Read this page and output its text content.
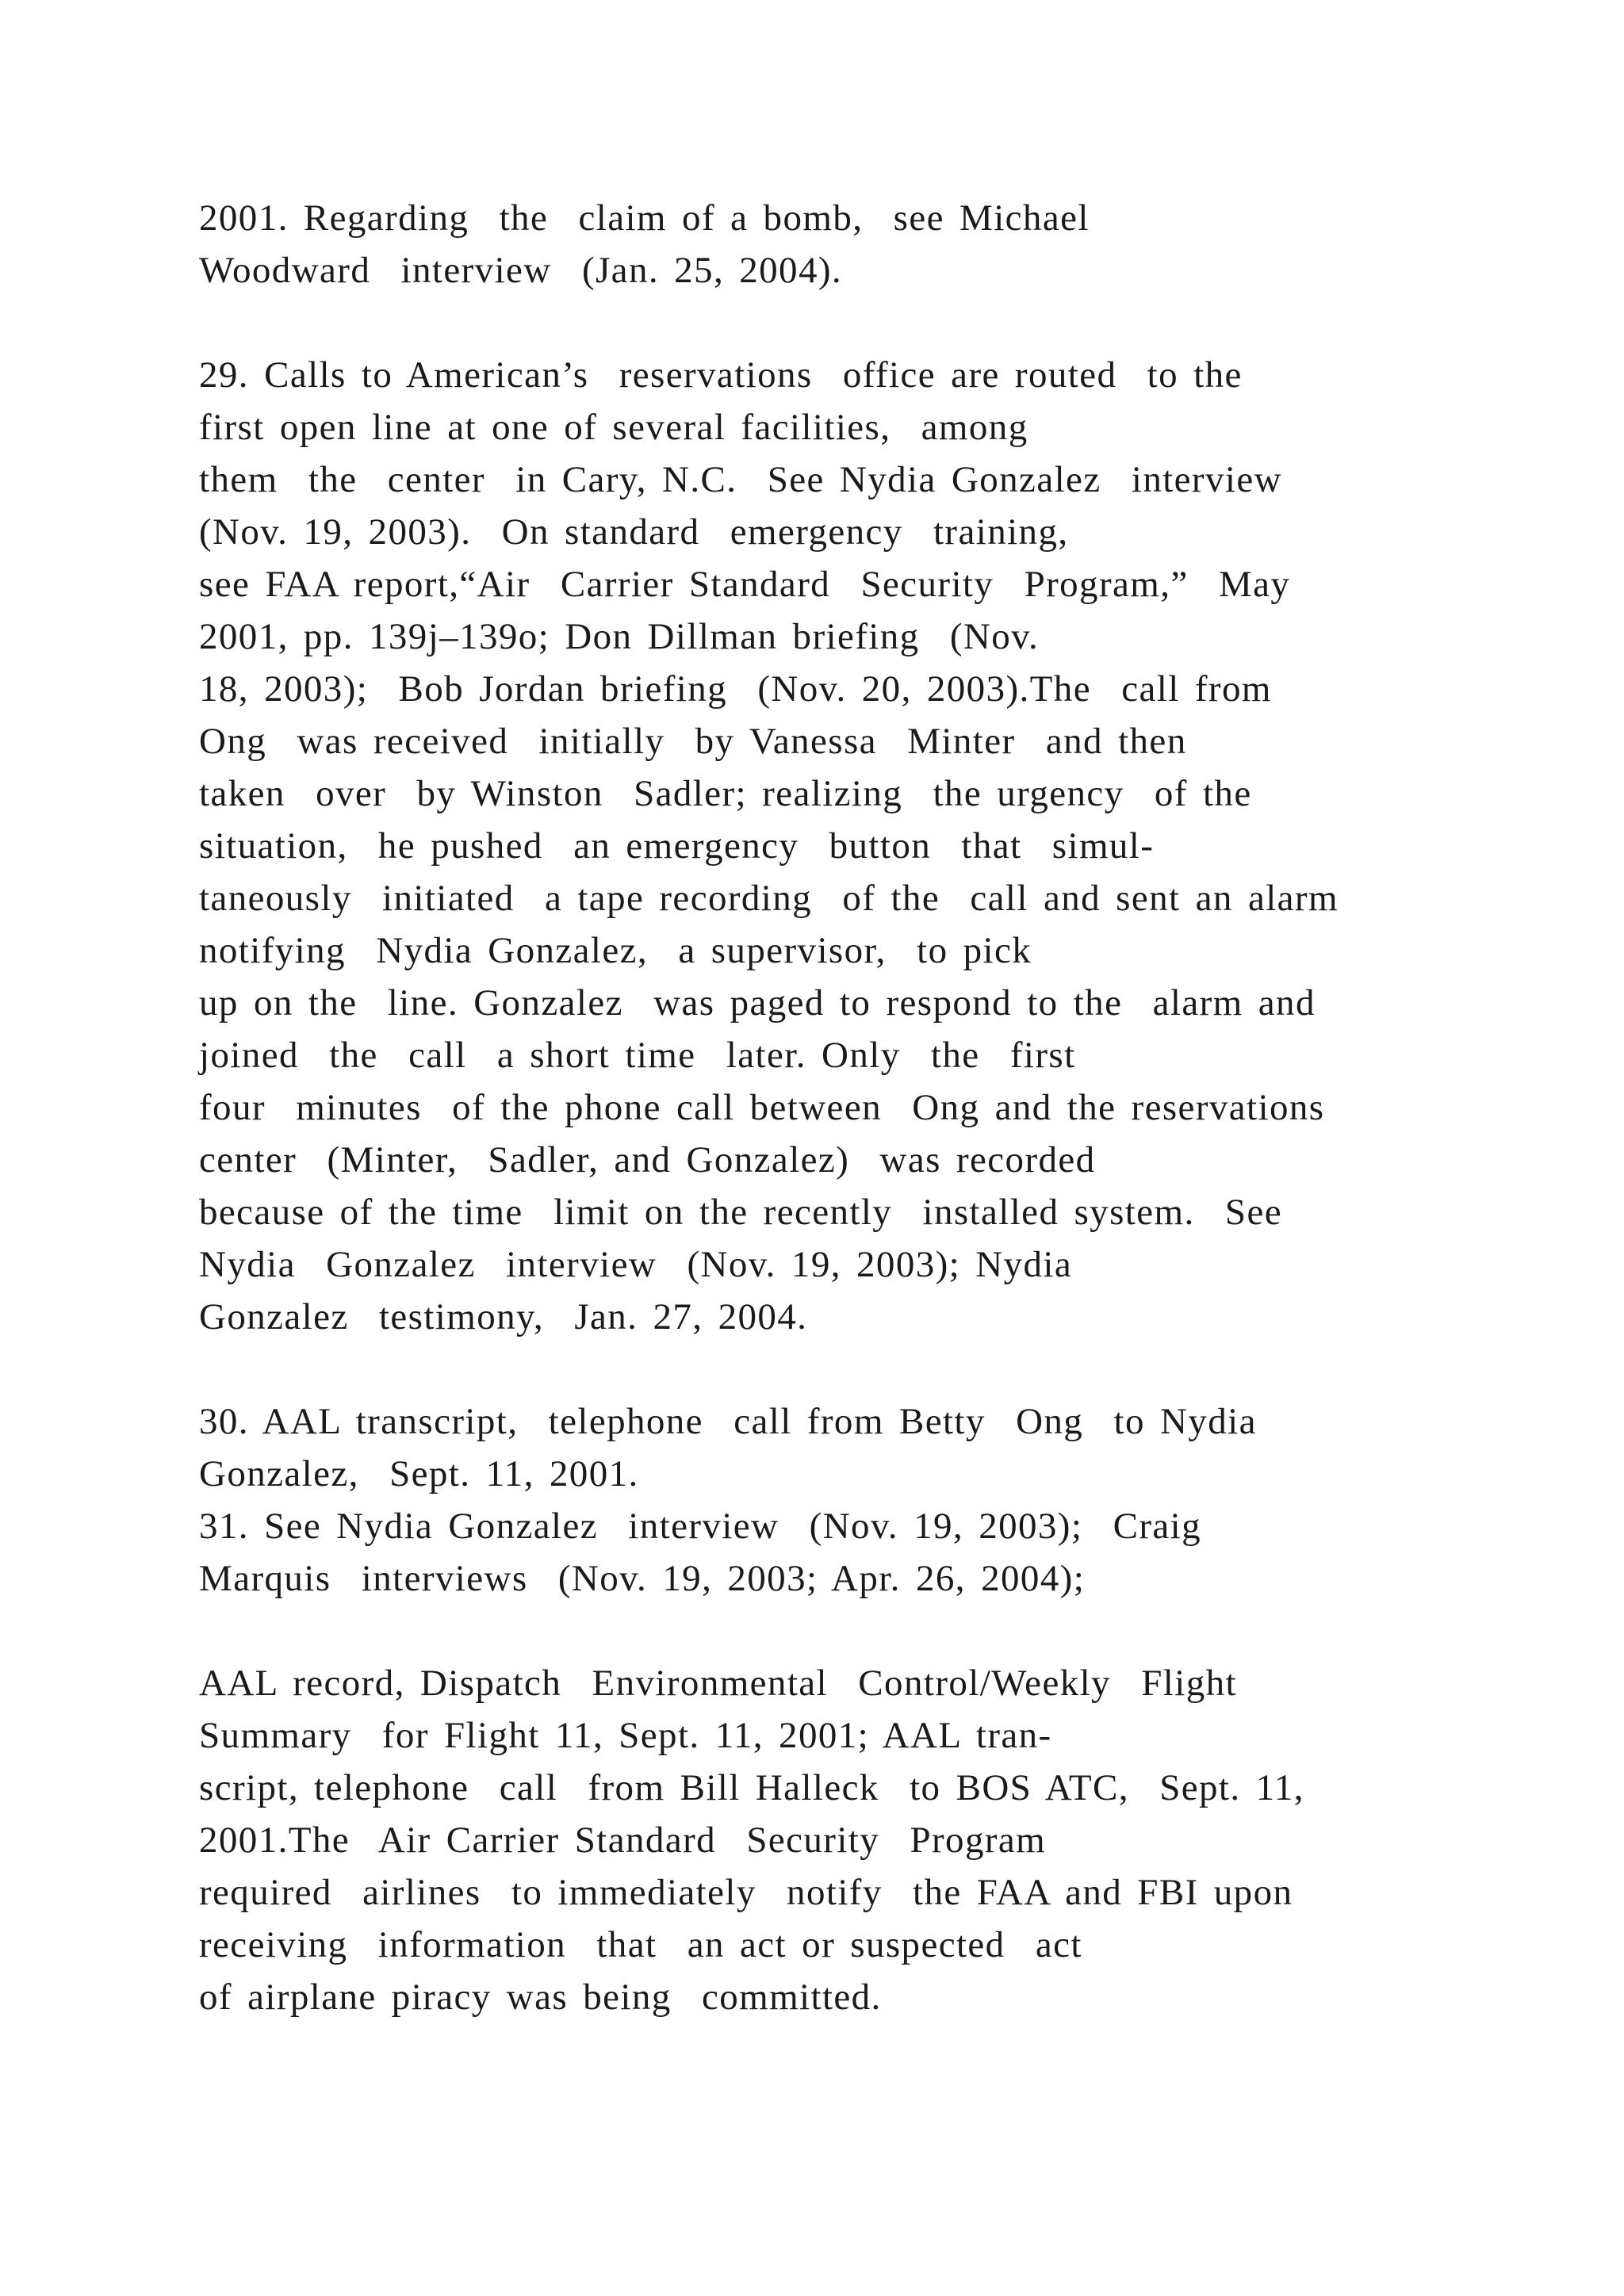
2001. Regarding  the  claim of a bomb,  see Michael
Woodward  interview  (Jan. 25, 2004).
29. Calls to American’s  reservations  office are routed  to the
first open line at one of several facilities,  among
them  the  center  in Cary, N.C.  See Nydia Gonzalez  interview
(Nov. 19, 2003).  On standard  emergency  training,
see FAA report,“Air  Carrier Standard  Security  Program,”  May
2001, pp. 139j–139o; Don Dillman briefing  (Nov.
18, 2003);  Bob Jordan briefing  (Nov. 20, 2003).The  call from
Ong  was received  initially  by Vanessa  Minter  and then
taken  over  by Winston  Sadler; realizing  the urgency  of the
situation,  he pushed  an emergency  button  that  simul-
taneously  initiated  a tape recording  of the  call and sent an alarm
notifying  Nydia Gonzalez,  a supervisor,  to pick
up on the  line. Gonzalez  was paged to respond to the  alarm and
joined  the  call  a short time  later. Only  the  first
four  minutes  of the phone call between  Ong and the reservations
center  (Minter,  Sadler, and Gonzalez)  was recorded
because of the time  limit on the recently  installed system.  See
Nydia  Gonzalez  interview  (Nov. 19, 2003); Nydia
Gonzalez  testimony,  Jan. 27, 2004.
30. AAL transcript,  telephone  call from Betty  Ong  to Nydia
Gonzalez,  Sept. 11, 2001.
31. See Nydia Gonzalez  interview  (Nov. 19, 2003);  Craig
Marquis  interviews  (Nov. 19, 2003; Apr. 26, 2004);
AAL record, Dispatch  Environmental  Control/Weekly  Flight
Summary  for Flight 11, Sept. 11, 2001; AAL tran-
script, telephone  call  from Bill Halleck  to BOS ATC,  Sept. 11,
2001.The  Air Carrier Standard  Security  Program
required  airlines  to immediately  notify  the FAA and FBI upon
receiving  information  that  an act or suspected  act
of airplane piracy was being  committed.
